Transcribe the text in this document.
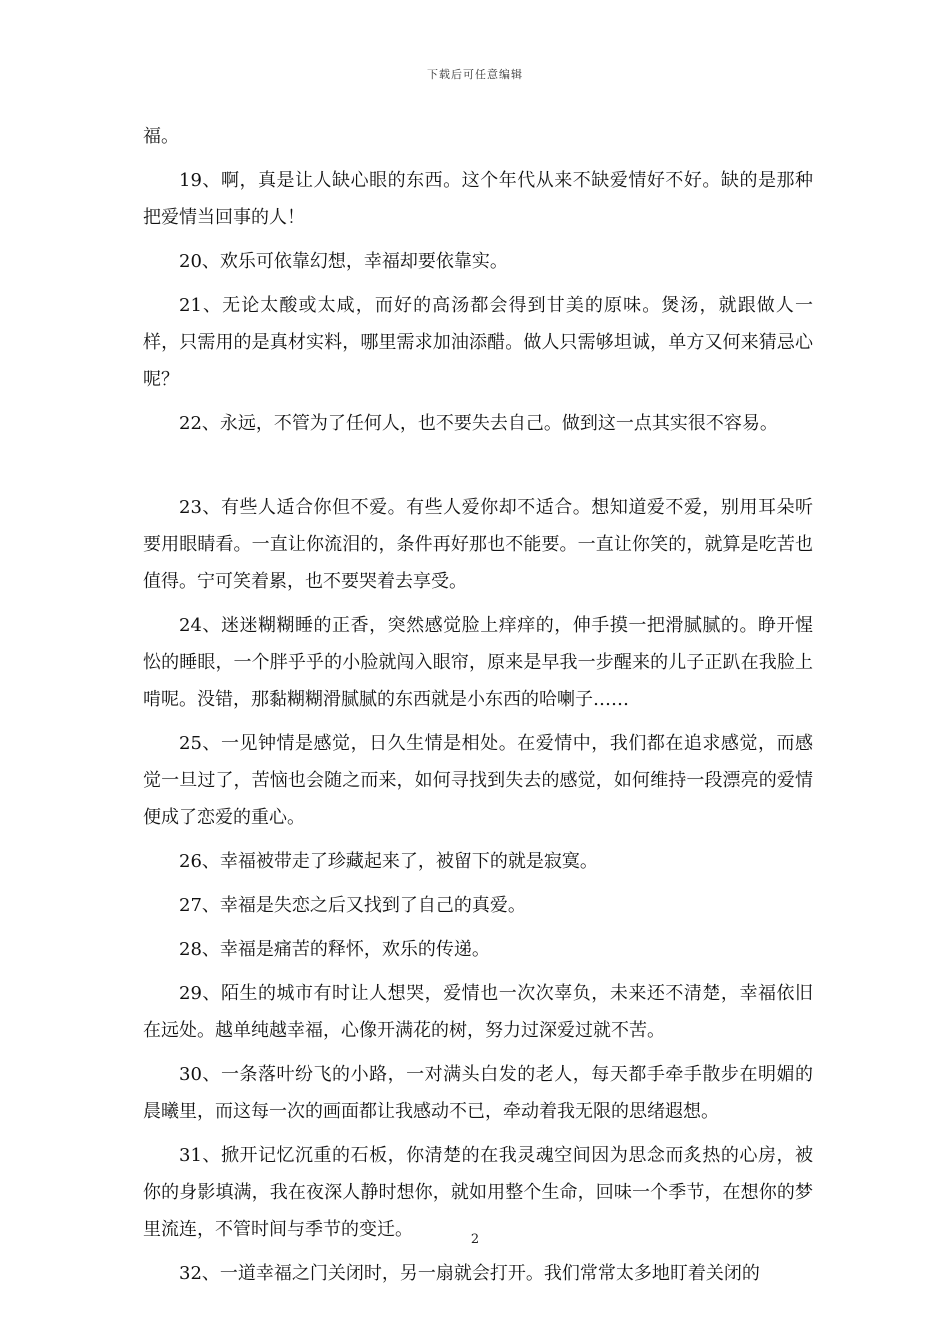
下载后可任意编辑

福。

19、啊，真是让人缺心眼的东西。这个年代从来不缺爱情好不好。缺的是那种把爱情当回事的人！

20、欢乐可依靠幻想，幸福却要依靠实。

21、无论太酸或太咸，而好的高汤都会得到甘美的原味。煲汤，就跟做人一样，只需用的是真材实料，哪里需求加油添醋。做人只需够坦诚，单方又何来猜忌心呢？

22、永远，不管为了任何人，也不要失去自己。做到这一点其实很不容易。

23、有些人适合你但不爱。有些人爱你却不适合。想知道爱不爱，别用耳朵听要用眼睛看。一直让你流泪的，条件再好那也不能要。一直让你笑的，就算是吃苦也值得。宁可笑着累，也不要哭着去享受。

24、迷迷糊糊睡的正香，突然感觉脸上痒痒的，伸手摸一把滑腻腻的。睁开惺忪的睡眼，一个胖乎乎的小脸就闯入眼帘，原来是早我一步醒来的儿子正趴在我脸上啃呢。没错，那黏糊糊滑腻腻的东西就是小东西的哈喇子……

25、一见钟情是感觉，日久生情是相处。在爱情中，我们都在追求感觉，而感觉一旦过了，苦恼也会随之而来，如何寻找到失去的感觉，如何维持一段漂亮的爱情便成了恋爱的重心。

26、幸福被带走了珍藏起来了，被留下的就是寂寞。

27、幸福是失恋之后又找到了自己的真爱。

28、幸福是痛苦的释怀，欢乐的传递。

29、陌生的城市有时让人想哭，爱情也一次次辜负，未来还不清楚，幸福依旧在远处。越单纯越幸福，心像开满花的树，努力过深爱过就不苦。

30、一条落叶纷飞的小路，一对满头白发的老人，每天都手牵手散步在明媚的晨曦里，而这每一次的画面都让我感动不已，牵动着我无限的思绪遐想。

31、掀开记忆沉重的石板，你清楚的在我灵魂空间因为思念而炙热的心房，被你的身影填满，我在夜深人静时想你，就如用整个生命，回味一个季节，在想你的梦里流连，不管时间与季节的变迁。

32、一道幸福之门关闭时，另一扇就会打开。我们常常太多地盯着关闭的

2
